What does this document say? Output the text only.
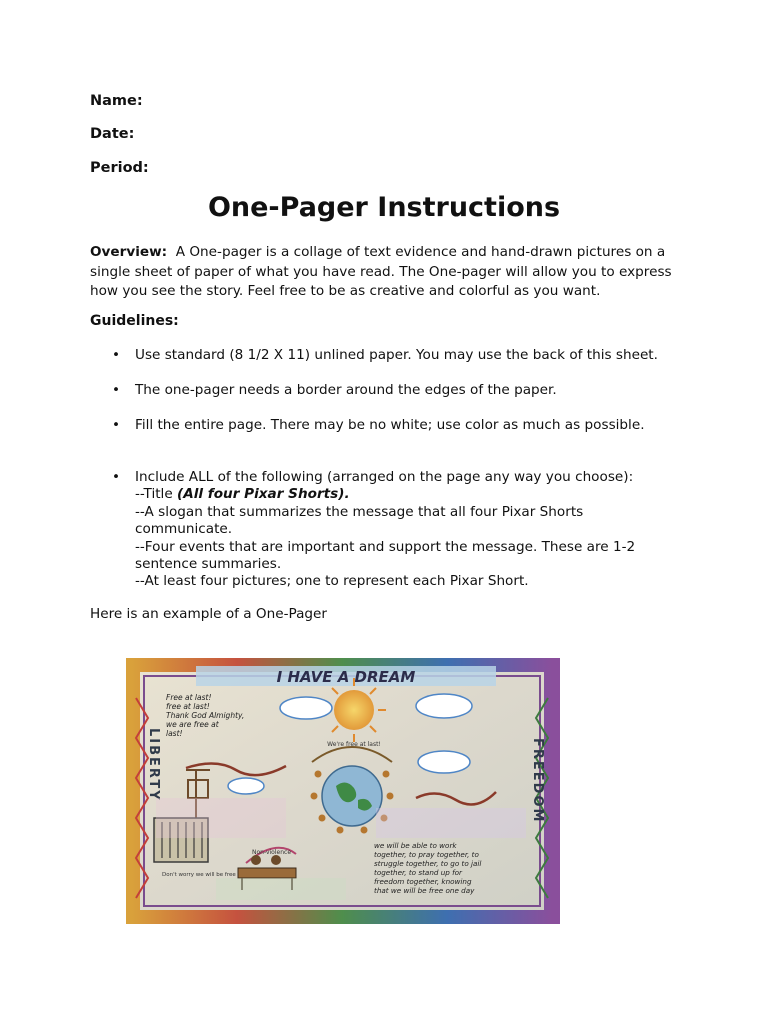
Name:

Date:

Period:

One-Pager Instructions

Overview: A One-pager is a collage of text evidence and hand-drawn pictures on a single sheet of paper of what you have read. The One-pager will allow you to express how you see the story. Feel free to be as creative and colorful as you want.

Guidelines:

• Use standard (8 1/2 X 11) unlined paper. You may use the back of this sheet.
• The one-pager needs a border around the edges of the paper.
• Fill the entire page. There may be no white; use color as much as possible.
• Include ALL of the following (arranged on the page any way you choose):
--Title (All four Pixar Shorts).
--A slogan that summarizes the message that all four Pixar Shorts communicate.
--Four events that are important and support the message. These are 1-2 sentence summaries.
--At least four pictures; one to represent each Pixar Short.

Here is an example of a One-Pager

I HAVE A DREAM
LIBERTY	FREEDOM
We're free at last!
Don't worry we will be free
Non-violence
Free at last!
free at last!
Thank God Almighty,
we are free at
last!
we will be able to work
together, to pray together, to
struggle together, to go to jail
together, to stand up for
freedom together, knowing
that we will be free one day
